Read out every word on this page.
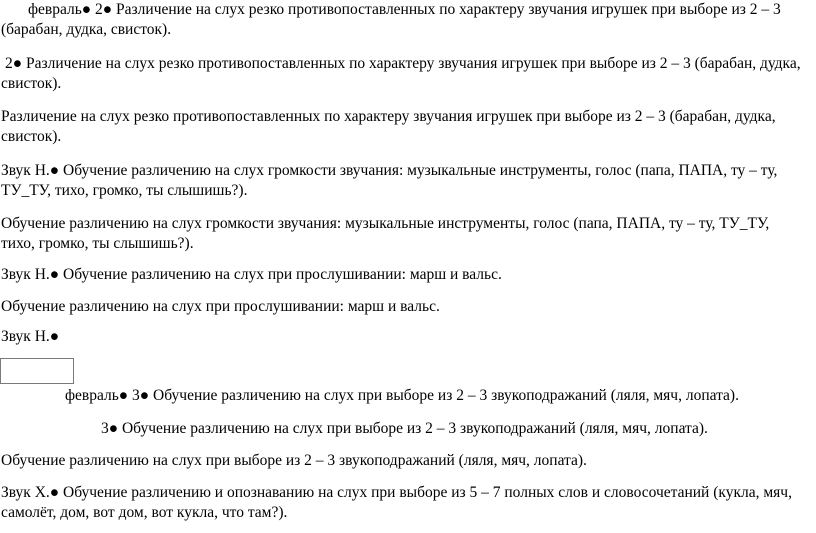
февраль● 2● Различение на слух резко противопоставленных по характеру звучания игрушек при выборе из 2 – 3
(барабан, дудка, свисток).
2● Различение на слух резко противопоставленных по характеру звучания игрушек при выборе из 2 – 3 (барабан, дудка,
свисток).
Различение на слух резко противопоставленных по характеру звучания игрушек при выборе из 2 – 3 (барабан, дудка,
свисток).
Звук Н.● Обучение различению на слух громкости звучания: музыкальные инструменты, голос (папа, ПАПА, ту – ту,
ТУ_ТУ, тихо, громко, ты слышишь?).
Обучение различению на слух громкости звучания: музыкальные инструменты, голос (папа, ПАПА, ту – ту, ТУ_ТУ,
тихо, громко, ты слышишь?).
Звук Н.● Обучение различению на слух при прослушивании: марш и вальс.
Обучение различению на слух при прослушивании: марш и вальс.
Звук Н.●
февраль● 3● Обучение различению на слух при выборе из 2 – 3 звукоподражаний (ляля, мяч, лопата).
3● Обучение различению на слух при выборе из 2 – 3 звукоподражаний (ляля, мяч, лопата).
Обучение различению на слух при выборе из 2 – 3 звукоподражаний (ляля, мяч, лопата).
Звук Х.● Обучение различению и опознаванию на слух при выборе из 5 – 7 полных слов и словосочетаний (кукла, мяч,
самолёт, дом, вот дом, вот кукла, что там?).
